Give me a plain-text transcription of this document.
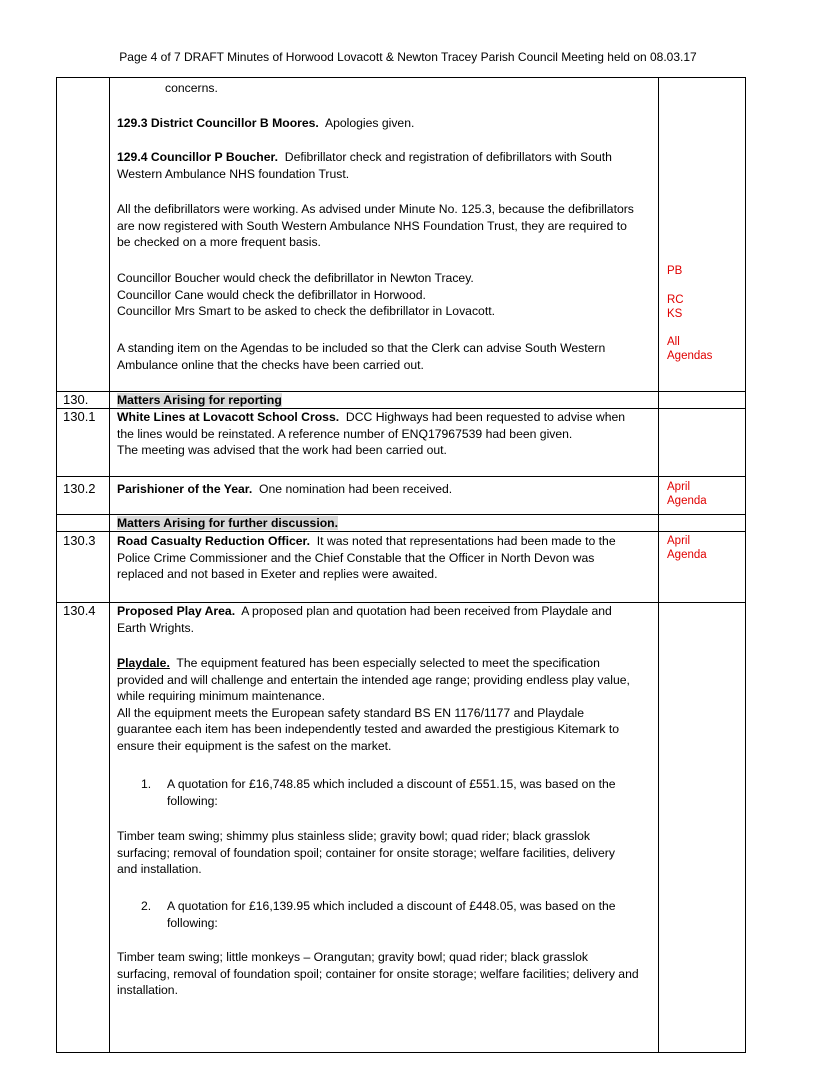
Page 4 of 7 DRAFT Minutes of Horwood Lovacott & Newton Tracey Parish Council Meeting held on 08.03.17
concerns.
129.3 District Councillor B Moores. Apologies given.

129.4 Councillor P Boucher. Defibrillator check and registration of defibrillators with South

Western Ambulance NHS foundation Trust.

All the defibrillators were working. As advised under Minute No. 125.3, because the defibrillators

are now registered with South Western Ambulance NHS Foundation Trust, they are required to

be checked on a more frequent basis.

Councillor Boucher would check the defibrillator in Newton Tracey.

Councillor Cane would check the defibrillator in Horwood.

Councillor Mrs Smart to be asked to check the defibrillator in Lovacott.

A standing item on the Agendas to be included so that the Clerk can advise South Western

Ambulance online that the checks have been carried out.

PB
RC
KS
All
Agendas
130. Matters Arising for reporting
130.1 White Lines at Lovacott School Cross. DCC Highways had been requested to advise when

the lines would be reinstated. A reference number of ENQ17967539 had been given.

The meeting was advised that the work had been carried out.

130.2 Parishioner of the Year. One nomination had been received.	April
Agenda
Matters Arising for further discussion.
130.3 Road Casualty Reduction Officer. It was noted that representations had been made to the

Police Crime Commissioner and the Chief Constable that the Officer in North Devon was

replaced and not based in Exeter and replies were awaited.

April
Agenda
130.4 Proposed Play Area. A proposed plan and quotation had been received from Playdale and

Earth Wrights.

Playdale. The equipment featured has been especially selected to meet the specification

provided and will challenge and entertain the intended age range; providing endless play value,

while requiring minimum maintenance.

All the equipment meets the European safety standard BS EN 1176/1177 and Playdale

guarantee each item has been independently tested and awarded the prestigious Kitemark to

ensure their equipment is the safest on the market.

1. A quotation for £16,748.85 which included a discount of £551.15, was based on the

following:

Timber team swing; shimmy plus stainless slide; gravity bowl; quad rider; black grasslok

surfacing; removal of foundation spoil; container for onsite storage; welfare facilities, delivery

and installation.

2. A quotation for £16,139.95 which included a discount of £448.05, was based on the

following:

Timber team swing; little monkeys – Orangutan; gravity bowl; quad rider; black grasslok

surfacing, removal of foundation spoil; container for onsite storage; welfare facilities; delivery and

installation.
